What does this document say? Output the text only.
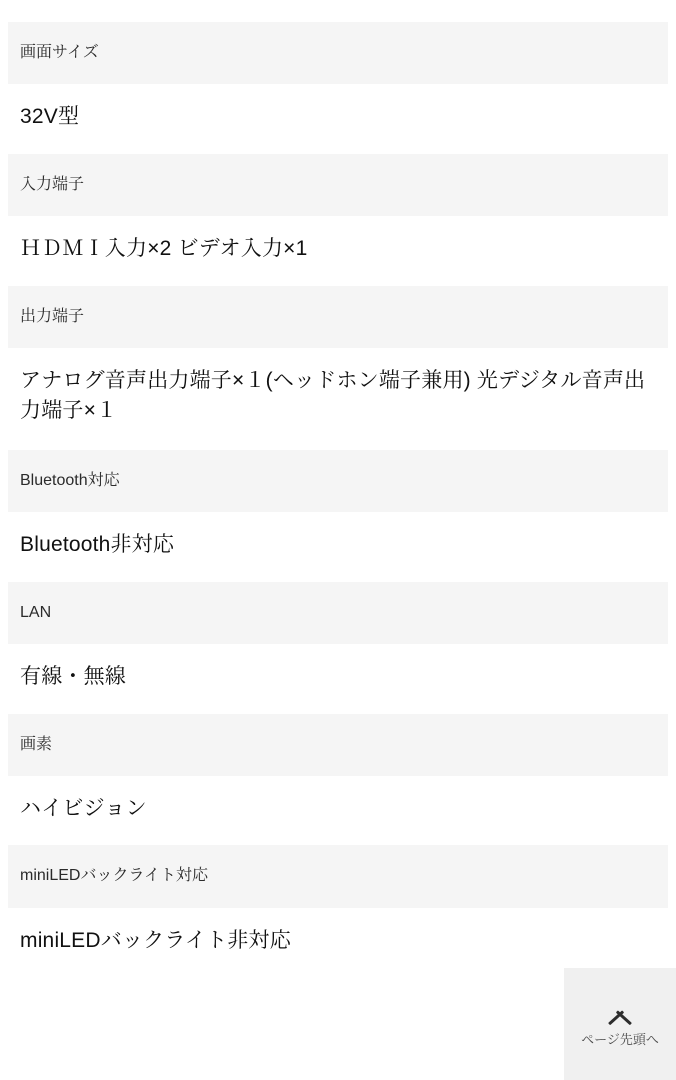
画面サイズ
32V型
入力端子
ＨＤＭＩ入力×2 ビデオ入力×1
出力端子
アナログ音声出力端子×１(ヘッドホン端子兼用) 光デジタル音声出力端子×１
Bluetooth対応
Bluetooth非対応
LAN
有線・無線
画素
ハイビジョン
miniLEDバックライト対応
miniLEDバックライト非対応
ページ先頭へ
